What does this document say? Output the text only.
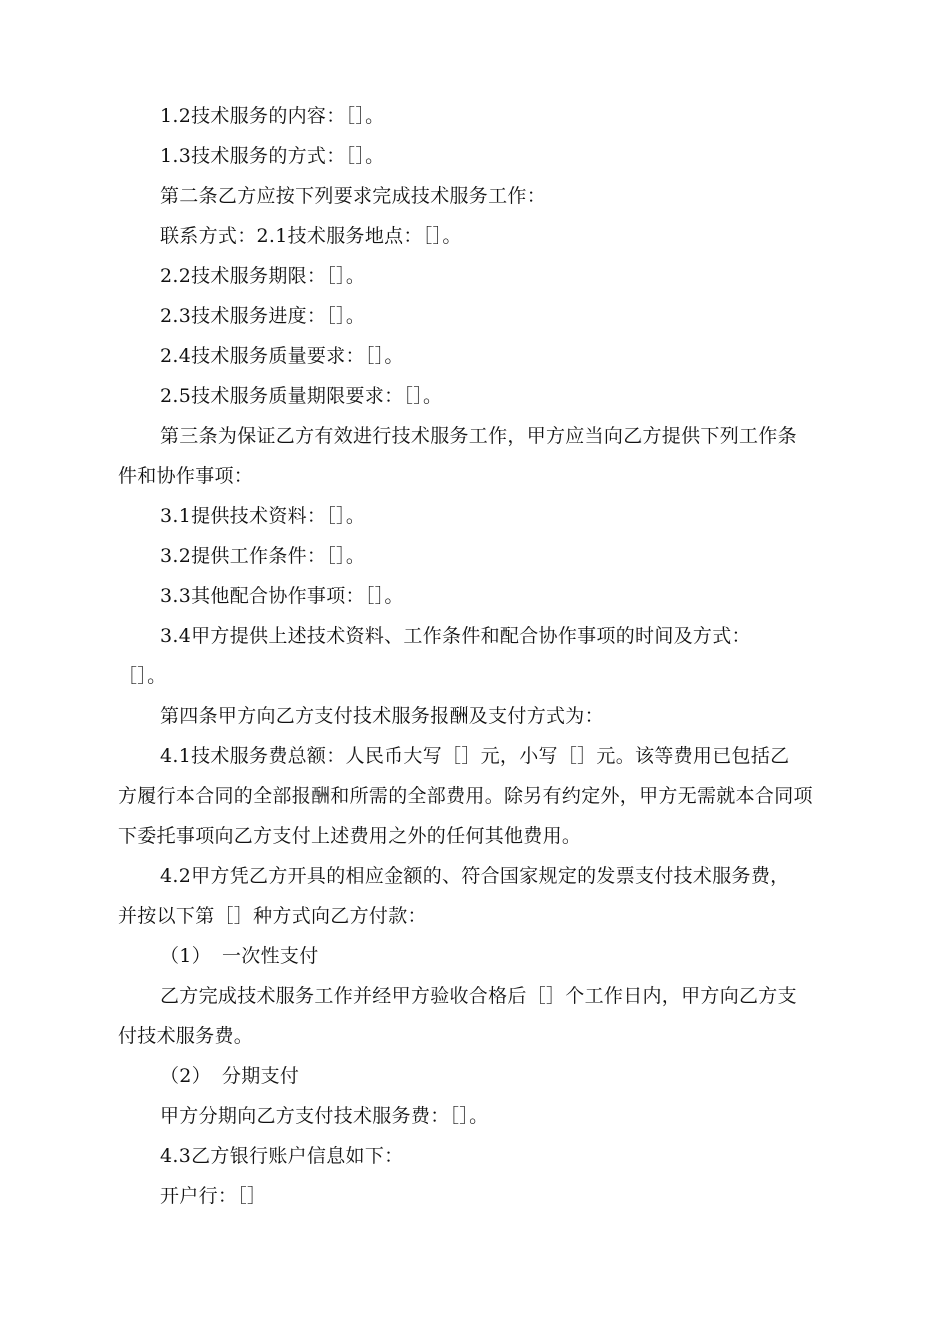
1.2技术服务的内容：［］。
1.3技术服务的方式：［］。
第二条乙方应按下列要求完成技术服务工作：
联系方式：2.1技术服务地点：［］。
2.2技术服务期限：［］。
2.3技术服务进度：［］。
2.4技术服务质量要求：［］。
2.5技术服务质量期限要求：［］。
第三条为保证乙方有效进行技术服务工作，甲方应当向乙方提供下列工作条
件和协作事项：
3.1提供技术资料：［］。
3.2提供工作条件：［］。
3.3其他配合协作事项：［］。
3.4甲方提供上述技术资料、工作条件和配合协作事项的时间及方式：
［］。
第四条甲方向乙方支付技术服务报酬及支付方式为：
4.1技术服务费总额：人民币大写［］元，小写［］元。该等费用已包括乙
方履行本合同的全部报酬和所需的全部费用。除另有约定外，甲方无需就本合同项
下委托事项向乙方支付上述费用之外的任何其他费用。
4.2甲方凭乙方开具的相应金额的、符合国家规定的发票支付技术服务费，
并按以下第［］种方式向乙方付款：
（1） 一次性支付
乙方完成技术服务工作并经甲方验收合格后［］个工作日内，甲方向乙方支
付技术服务费。
（2） 分期支付
甲方分期向乙方支付技术服务费：［］。
4.3乙方银行账户信息如下：
开户行：［］
